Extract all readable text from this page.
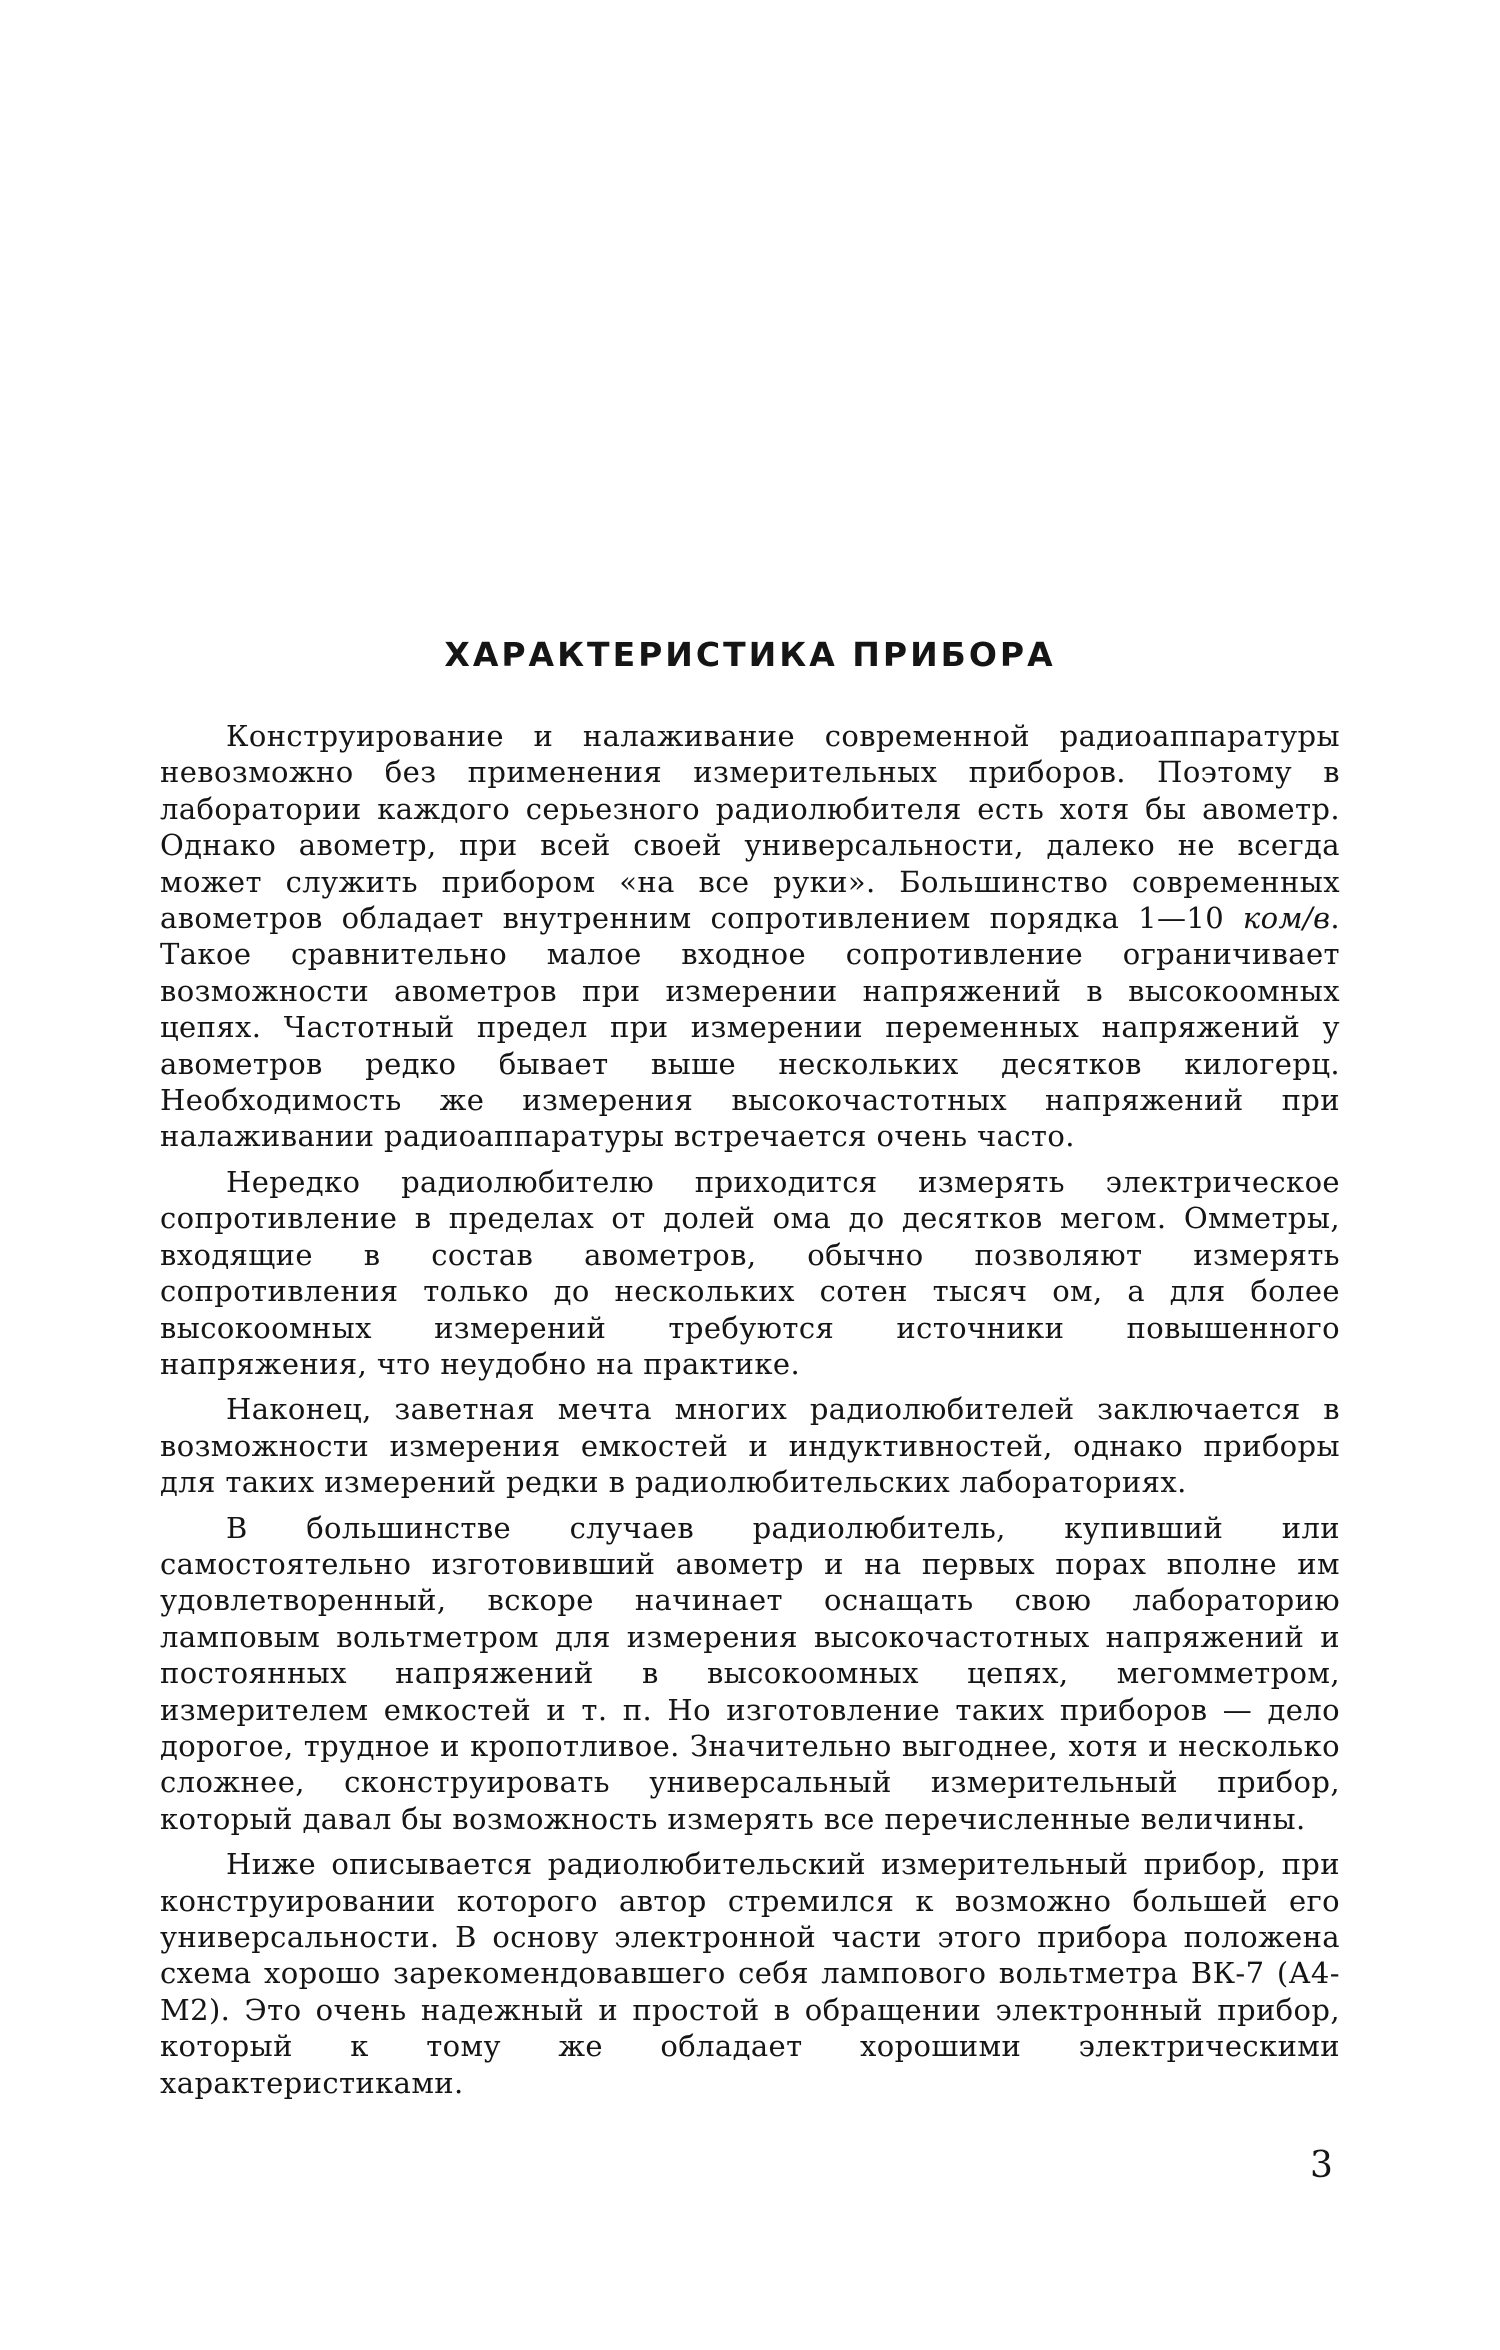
ХАРАКТЕРИСТИКА ПРИБОРА

Конструирование и налаживание современной радиоаппаратуры невозможно без применения измерительных приборов. Поэтому в лаборатории каждого серьезного радиолюбителя есть хотя бы авометр. Однако авометр, при всей своей универсальности, далеко не всегда может служить прибором «на все руки». Большинство современных авометров обладает внутренним сопротивлением порядка 1—10 ком/в. Такое сравнительно малое входное сопротивление ограничивает возможности авометров при измерении напряжений в высокоомных цепях. Частотный предел при измерении переменных напряжений у авометров редко бывает выше нескольких десятков килогерц. Необходимость же измерения высокочастотных напряжений при налаживании радиоаппаратуры встречается очень часто.

Нередко радиолюбителю приходится измерять электрическое сопротивление в пределах от долей ома до десятков мегом. Омметры, входящие в состав авометров, обычно позволяют измерять сопротивления только до нескольких сотен тысяч ом, а для более высокоомных измерений требуются источники повышенного напряжения, что неудобно на практике.

Наконец, заветная мечта многих радиолюбителей заключается в возможности измерения емкостей и индуктивностей, однако приборы для таких измерений редки в радиолюбительских лабораториях.

В большинстве случаев радиолюбитель, купивший или самостоятельно изготовивший авометр и на первых порах вполне им удовлетворенный, вскоре начинает оснащать свою лабораторию ламповым вольтметром для измерения высокочастотных напряжений и постоянных напряжений в высокоомных цепях, мегомметром, измерителем емкостей и т. п. Но изготовление таких приборов — дело дорогое, трудное и кропотливое. Значительно выгоднее, хотя и несколько сложнее, сконструировать универсальный измерительный прибор, который давал бы возможность измерять все перечисленные величины.

Ниже описывается радиолюбительский измерительный прибор, при конструировании которого автор стремился к возможно большей его универсальности. В основу электронной части этого прибора положена схема хорошо зарекомендовавшего себя лампового вольтметра ВК-7 (А4-М2). Это очень надежный и простой в обращении электронный прибор, который к тому же обладает хорошими электрическими характеристиками.

3
